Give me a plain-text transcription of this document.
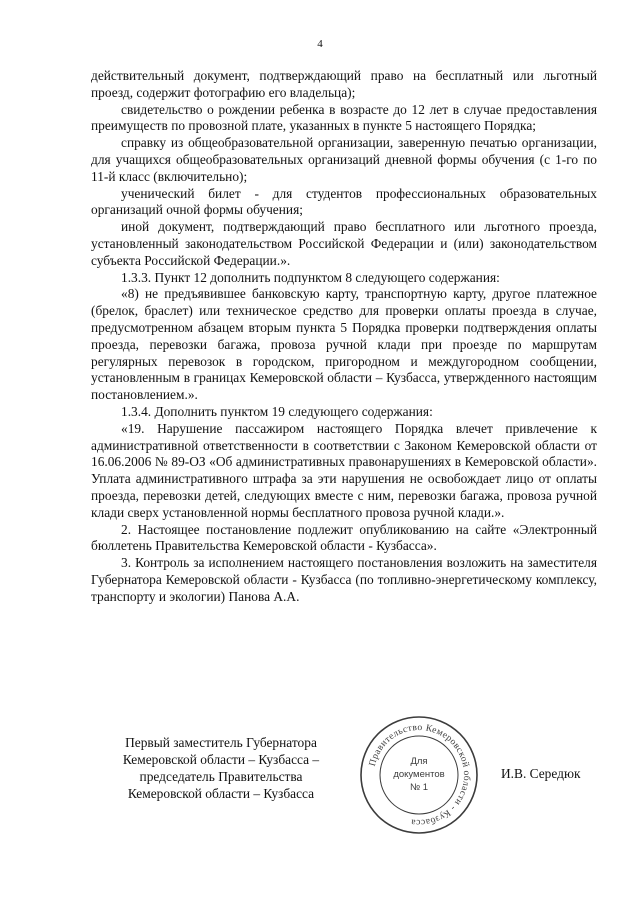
4

действительный документ, подтверждающий право на бесплатный или льготный проезд, содержит фотографию его владельца);

свидетельство о рождении ребенка в возрасте до 12 лет в случае предоставления преимуществ по провозной плате, указанных в пункте 5 настоящего Порядка;

справку из общеобразовательной организации, заверенную печатью организации, для учащихся общеобразовательных организаций дневной формы обучения (с 1-го по 11-й класс (включительно);

ученический билет - для студентов профессиональных образовательных организаций очной формы обучения;

иной документ, подтверждающий право бесплатного или льготного проезда, установленный законодательством Российской Федерации и (или) законодательством субъекта Российской Федерации.».

1.3.3. Пункт 12 дополнить подпунктом 8 следующего содержания:

«8) не предъявившее банковскую карту, транспортную карту, другое платежное (брелок, браслет) или техническое средство для проверки оплаты проезда в случае, предусмотренном абзацем вторым пункта 5 Порядка проверки подтверждения оплаты проезда, перевозки багажа, провоза ручной клади при проезде по маршрутам регулярных перевозок в городском, пригородном и междугородном сообщении, установленным в границах Кемеровской области – Кузбасса, утвержденного настоящим постановлением.».

1.3.4. Дополнить пунктом 19 следующего содержания:

«19. Нарушение пассажиром настоящего Порядка влечет привлечение к административной ответственности в соответствии с Законом Кемеровской области от 16.06.2006 № 89-ОЗ «Об административных правонарушениях в Кемеровской области». Уплата административного штрафа за эти нарушения не освобождает лицо от оплаты проезда, перевозки детей, следующих вместе с ним, перевозки багажа, провоза ручной клади сверх установленной нормы бесплатного провоза ручной клади.».

2. Настоящее постановление подлежит опубликованию на сайте «Электронный бюллетень Правительства Кемеровской области - Кузбасса».

3. Контроль за исполнением настоящего постановления возложить на заместителя Губернатора Кемеровской области - Кузбасса (по топливно-энергетическому комплексу, транспорту и экологии) Панова А.А.

Первый заместитель Губернатора
Кемеровской области – Кузбасса –
председатель Правительства
Кемеровской области – Кузбасса
Правительство Кемеровской области - Кузбасса
Для
документов
№ 1
И.В. Середюк
